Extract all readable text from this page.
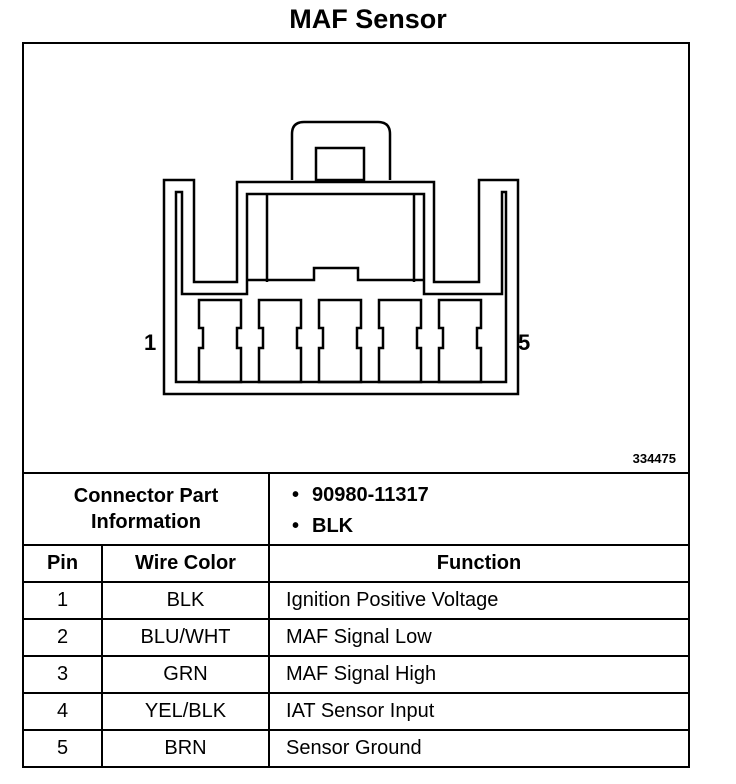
MAF Sensor
1	5
334475
Connector Part Information		• 90980-11317
• BLK

Pin	Wire Color	Function
1	BLK	Ignition Positive Voltage
2	BLU/WHT	MAF Signal Low
3	GRN	MAF Signal High
4	YEL/BLK	IAT Sensor Input
5	BRN	Sensor Ground
